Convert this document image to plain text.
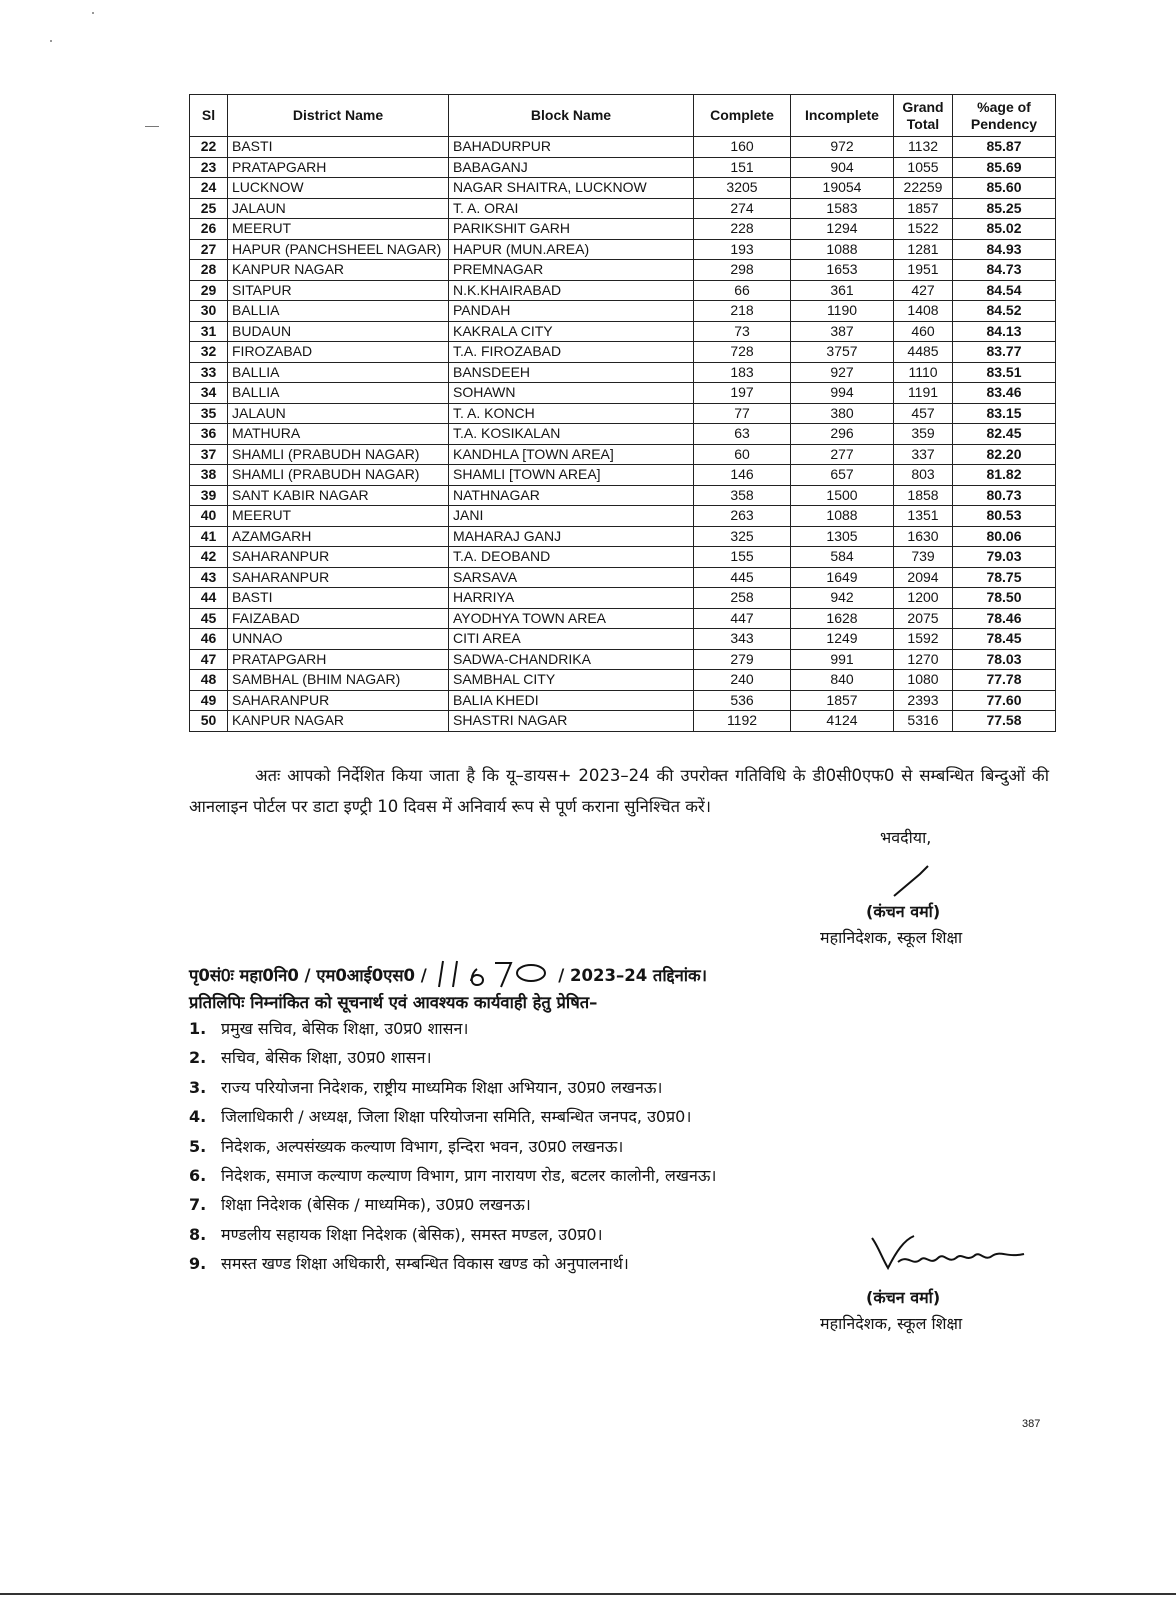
Sl	District Name	Block Name	Complete	Incomplete	Grand Total	%age of Pendency
22	BASTI	BAHADURPUR	160	972	1132	85.87
23	PRATAPGARH	BABAGANJ	151	904	1055	85.69
24	LUCKNOW	NAGAR SHAITRA, LUCKNOW	3205	19054	22259	85.60
25	JALAUN	T. A. ORAI	274	1583	1857	85.25
26	MEERUT	PARIKSHIT GARH	228	1294	1522	85.02
27	HAPUR (PANCHSHEEL NAGAR)	HAPUR (MUN.AREA)	193	1088	1281	84.93
28	KANPUR NAGAR	PREMNAGAR	298	1653	1951	84.73
29	SITAPUR	N.K.KHAIRABAD	66	361	427	84.54
30	BALLIA	PANDAH	218	1190	1408	84.52
31	BUDAUN	KAKRALA CITY	73	387	460	84.13
32	FIROZABAD	T.A. FIROZABAD	728	3757	4485	83.77
33	BALLIA	BANSDEEH	183	927	1110	83.51
34	BALLIA	SOHAWN	197	994	1191	83.46
35	JALAUN	T. A. KONCH	77	380	457	83.15
36	MATHURA	T.A. KOSIKALAN	63	296	359	82.45
37	SHAMLI (PRABUDH NAGAR)	KANDHLA [TOWN AREA]	60	277	337	82.20
38	SHAMLI (PRABUDH NAGAR)	SHAMLI [TOWN AREA]	146	657	803	81.82
39	SANT KABIR NAGAR	NATHNAGAR	358	1500	1858	80.73
40	MEERUT	JANI	263	1088	1351	80.53
41	AZAMGARH	MAHARAJ GANJ	325	1305	1630	80.06
42	SAHARANPUR	T.A. DEOBAND	155	584	739	79.03
43	SAHARANPUR	SARSAVA	445	1649	2094	78.75
44	BASTI	HARRIYA	258	942	1200	78.50
45	FAIZABAD	AYODHYA TOWN AREA	447	1628	2075	78.46
46	UNNAO	CITI AREA	343	1249	1592	78.45
47	PRATAPGARH	SADWA-CHANDRIKA	279	991	1270	78.03
48	SAMBHAL (BHIM NAGAR)	SAMBHAL CITY	240	840	1080	77.78
49	SAHARANPUR	BALIA KHEDI	536	1857	2393	77.60
50	KANPUR NAGAR	SHASTRI NAGAR	1192	4124	5316	77.58
अतः आपको निर्देशित किया जाता है कि यू–डायस+ 2023–24 की उपरोक्त गतिविधि के डी0सी0एफ0 से सम्बन्धित बिन्दुओं की आनलाइन पोर्टल पर डाटा इण्ट्री 10 दिवस में अनिवार्य रूप से पूर्ण कराना सुनिश्चित करें।
भवदीया,
(कंचन वर्मा)
महानिदेशक, स्कूल शिक्षा
पृ0सं0ः महा0नि0 / एम0आई0एस0 /	/ 2023–24 तद्दिनांक।
प्रतिलिपिः निम्नांकित को सूचनार्थ एवं आवश्यक कार्यवाही हेतु प्रेषित–
1. प्रमुख सचिव, बेसिक शिक्षा, उ0प्र0 शासन।
2. सचिव, बेसिक शिक्षा, उ0प्र0 शासन।
3. राज्य परियोजना निदेशक, राष्ट्रीय माध्यमिक शिक्षा अभियान, उ0प्र0 लखनऊ।
4. जिलाधिकारी / अध्यक्ष, जिला शिक्षा परियोजना समिति, सम्बन्धित जनपद, उ0प्र0।
5. निदेशक, अल्पसंख्यक कल्याण विभाग, इन्दिरा भवन, उ0प्र0 लखनऊ।
6. निदेशक, समाज कल्याण कल्याण विभाग, प्राग नारायण रोड, बटलर कालोनी, लखनऊ।
7. शिक्षा निदेशक (बेसिक / माध्यमिक), उ0प्र0 लखनऊ।
8. मण्डलीय सहायक शिक्षा निदेशक (बेसिक), समस्त मण्डल, उ0प्र0।
9. समस्त खण्ड शिक्षा अधिकारी, सम्बन्धित विकास खण्ड को अनुपालनार्थ।
(कंचन वर्मा)
महानिदेशक, स्कूल शिक्षा
387
